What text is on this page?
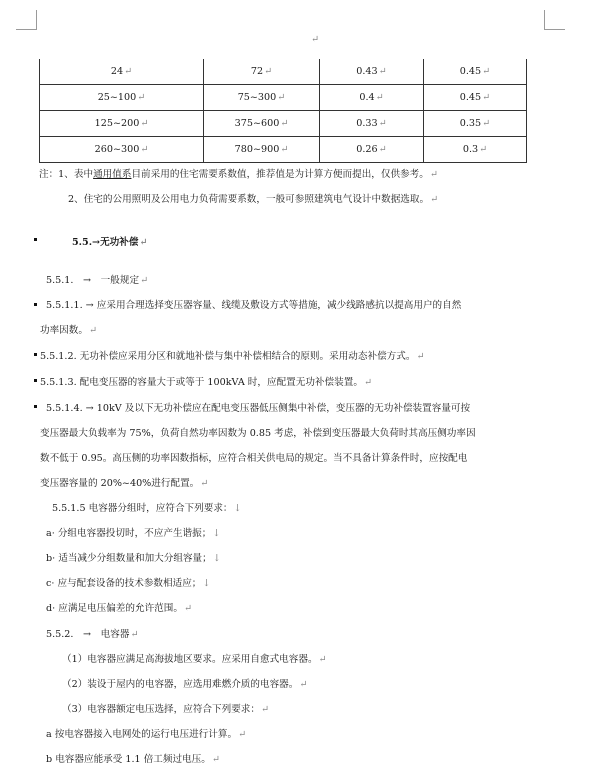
↵
24↵	72↵	0.43↵	0.45↵
25~100↵	75~300↵	0.4↵	0.45↵
125~200↵	375~600↵	0.33↵	0.35↵
260~300↵	780~900↵	0.26↵	0.3↵
注：1、表中通用值系目前采用的住宅需要系数值，推荐值是为计算方便而提出，仅供参考。↵
2、住宅的公用照明及公用电力负荷需要系数，一般可参照建筑电气设计中数据选取。↵
5.5.→无功补偿↵
5.5.1.　→　一般规定↵
5.5.1.1. → 应采用合理选择变压器容量、线缆及敷设方式等措施，减少线路感抗以提高用户的自然
功率因数。↵
5.5.1.2. 无功补偿应采用分区和就地补偿与集中补偿相结合的原则。采用动态补偿方式。↵
5.5.1.3. 配电变压器的容量大于或等于 100kVA 时，应配置无功补偿装置。↵
5.5.1.4. → 10kV 及以下无功补偿应在配电变压器低压侧集中补偿，变压器的无功补偿装置容量可按
变压器最大负载率为 75%，负荷自然功率因数为 0.85 考虑，补偿到变压器最大负荷时其高压侧功率因
数不低于 0.95。高压侧的功率因数指标，应符合相关供电局的规定。当不具备计算条件时，应按配电
变压器容量的 20%~40%进行配置。↵
5.5.1.5 电容器分组时，应符合下列要求：↓
a· 分组电容器投切时，不应产生谐振；↓
b· 适当减少分组数量和加大分组容量；↓
c· 应与配套设备的技术参数相适应；↓
d· 应满足电压偏差的允许范围。↵
5.5.2.　→　电容器↵
（1）电容器应满足高海拔地区要求。应采用自愈式电容器。↵
（2）装设于屋内的电容器，应选用难燃介质的电容器。↵
（3）电容器额定电压选择，应符合下列要求：↵
a 按电容器接入电网处的运行电压进行计算。↵
b 电容器应能承受 1.1 倍工频过电压。↵
